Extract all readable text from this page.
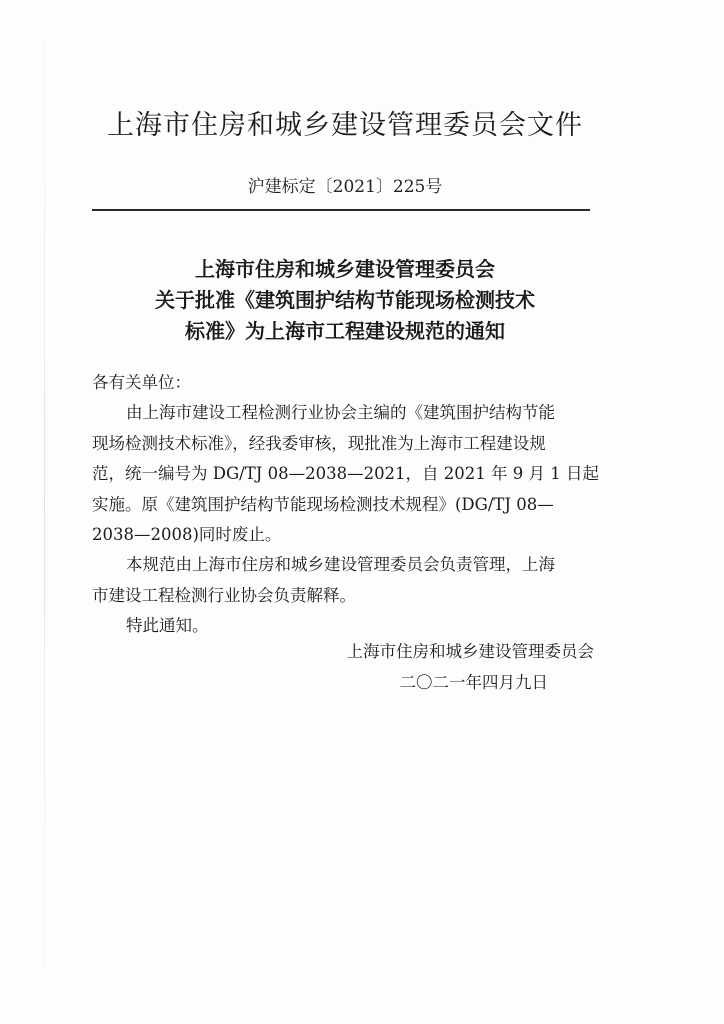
上海市住房和城乡建设管理委员会文件
沪建标定〔2021〕225号
上海市住房和城乡建设管理委员会
关于批准《建筑围护结构节能现场检测技术
标准》为上海市工程建设规范的通知

各有关单位：

由上海市建设工程检测行业协会主编的《建筑围护结构节能

现场检测技术标准》，经我委审核，现批准为上海市工程建设规

范，统一编号为 DG/TJ 08—2038—2021，自 2021 年 9 月 1 日起

实施。原《建筑围护结构节能现场检测技术规程》(DG/TJ 08—

2038—2008)同时废止。

本规范由上海市住房和城乡建设管理委员会负责管理，上海

市建设工程检测行业协会负责解释。

特此通知。

上海市住房和城乡建设管理委员会
二〇二一年四月九日
